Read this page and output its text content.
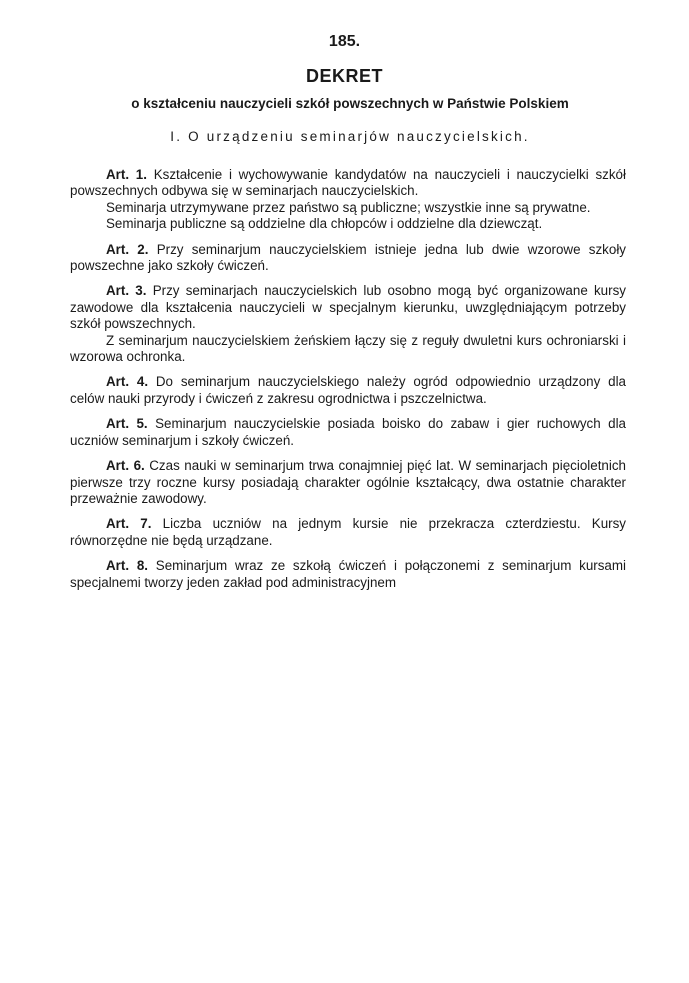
185.
DEKRET
o kształceniu nauczycieli szkół powszechnych w Państwie Polskiem
I. O urządzeniu seminarjów nauczycielskich.

Art. 1. Kształcenie i wychowywanie kandydatów na nauczycieli i nauczycielki szkół powszechnych odbywa się w seminarjach nauczycielskich.

Seminarja utrzymywane przez państwo są publiczne; wszystkie inne są prywatne.

Seminarja publiczne są oddzielne dla chłopców i oddzielne dla dziewcząt.

Art. 2. Przy seminarjum nauczycielskiem istnieje jedna lub dwie wzorowe szkoły powszechne jako szkoły ćwiczeń.

Art. 3. Przy seminarjach nauczycielskich lub osobno mogą być organizowane kursy zawodowe dla kształcenia nauczycieli w specjalnym kierunku, uwzględniającym potrzeby szkół powszechnych.

Z seminarjum nauczycielskiem żeńskiem łączy się z reguły dwuletni kurs ochroniarski i wzorowa ochronka.

Art. 4. Do seminarjum nauczycielskiego należy ogród odpowiednio urządzony dla celów nauki przyrody i ćwiczeń z zakresu ogrodnictwa i pszczelnictwa.

Art. 5. Seminarjum nauczycielskie posiada boisko do zabaw i gier ruchowych dla uczniów seminarjum i szkoły ćwiczeń.

Art. 6. Czas nauki w seminarjum trwa conajmniej pięć lat. W seminarjach pięcioletnich pierwsze trzy roczne kursy posiadają charakter ogólnie kształcący, dwa ostatnie charakter przeważnie zawodowy.

Art. 7. Liczba uczniów na jednym kursie nie przekracza czterdziestu. Kursy równorzędne nie będą urządzane.

Art. 8. Seminarjum wraz ze szkołą ćwiczeń i połączonemi z seminarjum kursami specjalnemi tworzy jeden zakład pod administracyjnem
